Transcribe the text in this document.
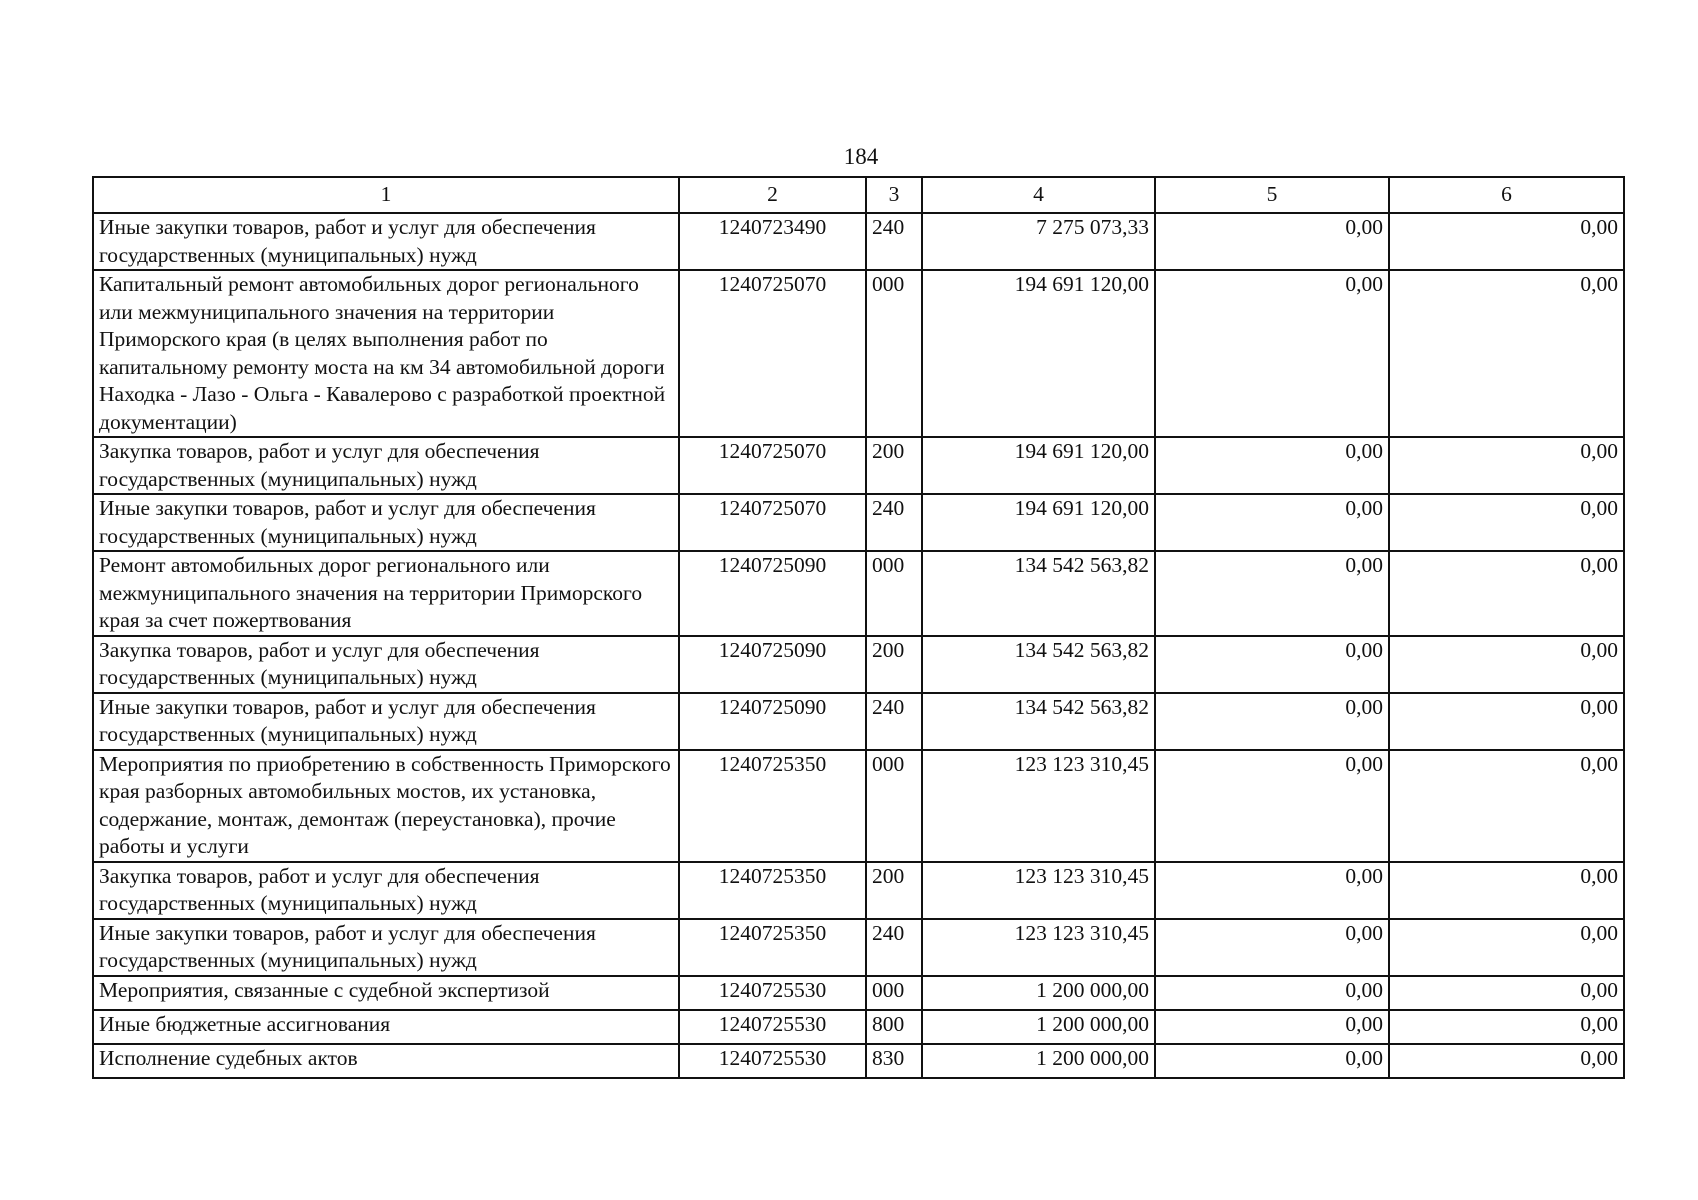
184
1	2	3	4	5	6
Иные закупки товаров, работ и услуг для обеспечения государственных (муниципальных) нужд	1240723490	240	7 275 073,33	0,00	0,00
Капитальный ремонт автомобильных дорог регионального или межмуниципального значения на территории Приморского края (в целях выполнения работ по капитальному ремонту моста на км 34 автомобильной дороги Находка - Лазо - Ольга - Кавалерово с разработкой проектной документации)	1240725070	000	194 691 120,00	0,00	0,00
Закупка товаров, работ и услуг для обеспечения государственных (муниципальных) нужд	1240725070	200	194 691 120,00	0,00	0,00
Иные закупки товаров, работ и услуг для обеспечения государственных (муниципальных) нужд	1240725070	240	194 691 120,00	0,00	0,00
Ремонт автомобильных дорог регионального или межмуниципального значения на территории Приморского края за счет пожертвования	1240725090	000	134 542 563,82	0,00	0,00
Закупка товаров, работ и услуг для обеспечения государственных (муниципальных) нужд	1240725090	200	134 542 563,82	0,00	0,00
Иные закупки товаров, работ и услуг для обеспечения государственных (муниципальных) нужд	1240725090	240	134 542 563,82	0,00	0,00
Мероприятия по приобретению в собственность Приморского края разборных автомобильных мостов, их установка, содержание, монтаж, демонтаж (переустановка), прочие работы и услуги	1240725350	000	123 123 310,45	0,00	0,00
Закупка товаров, работ и услуг для обеспечения государственных (муниципальных) нужд	1240725350	200	123 123 310,45	0,00	0,00
Иные закупки товаров, работ и услуг для обеспечения государственных (муниципальных) нужд	1240725350	240	123 123 310,45	0,00	0,00
Мероприятия, связанные с судебной экспертизой	1240725530	000	1 200 000,00	0,00	0,00
Иные бюджетные ассигнования	1240725530	800	1 200 000,00	0,00	0,00
Исполнение судебных актов	1240725530	830	1 200 000,00	0,00	0,00
